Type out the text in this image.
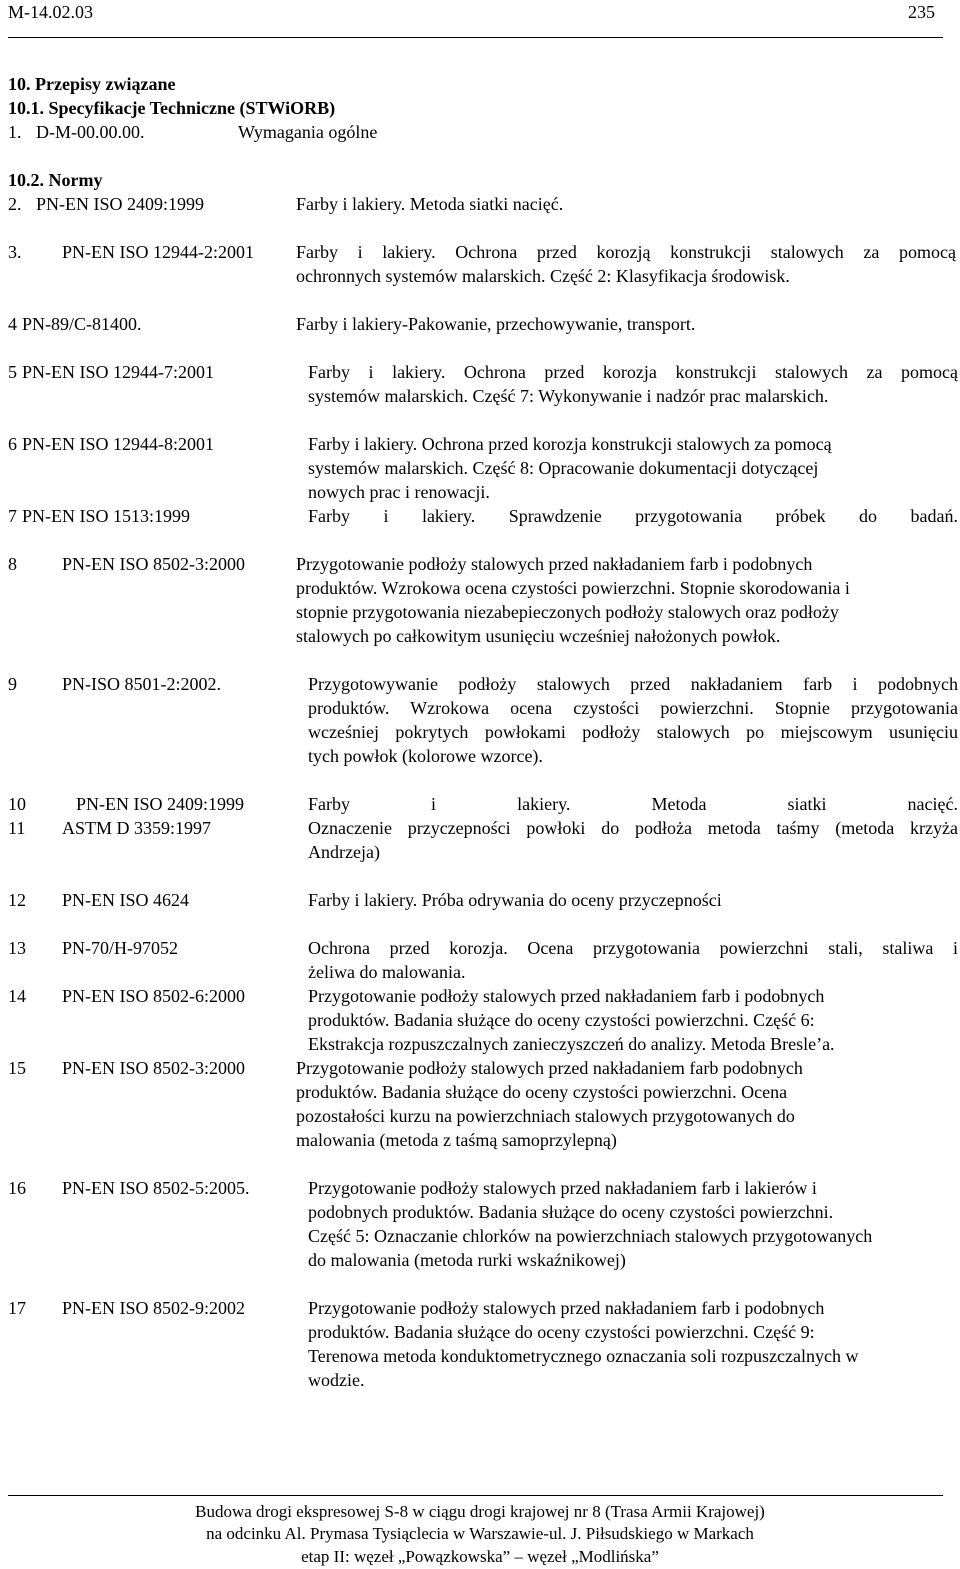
M-14.02.03	235
10. Przepisy związane
10.1. Specyfikacje Techniczne (STWiORB)
1. D-M-00.00.00.	Wymagania ogólne
10.2. Normy
2. PN-EN ISO 2409:1999	Farby i lakiery. Metoda siatki nacięć.
3. PN-EN ISO 12944-2:2001 Farby i lakiery. Ochrona przed korozją konstrukcji stalowych za pomocą
ochronnych systemów malarskich. Część 2: Klasyfikacja środowisk.
4 PN-89/C-81400.	Farby i lakiery-Pakowanie, przechowywanie, transport.
5 PN-EN ISO 12944-7:2001	Farby i lakiery. Ochrona przed korozja konstrukcji stalowych za pomocą
systemów malarskich. Część 7: Wykonywanie i nadzór prac malarskich.
6 PN-EN ISO 12944-8:2001	Farby i lakiery. Ochrona przed korozja konstrukcji stalowych za pomocą
systemów malarskich. Część 8: Opracowanie dokumentacji dotyczącej
nowych prac i renowacji.
7 PN-EN ISO 1513:1999	Farby i lakiery. Sprawdzenie przygotowania próbek do badań.
8	PN-EN ISO 8502-3:2000	Przygotowanie podłoży stalowych przed nakładaniem farb i podobnych
produktów. Wzrokowa ocena czystości powierzchni. Stopnie skorodowania i
stopnie przygotowania niezabepieczonych podłoży stalowych oraz podłoży
stalowych po całkowitym usunięciu wcześniej nałożonych powłok.
9	PN-ISO 8501-2:2002.	Przygotowywanie podłoży stalowych przed nakładaniem farb i podobnych
produktów. Wzrokowa ocena czystości powierzchni. Stopnie przygotowania
wcześniej pokrytych powłokami podłoży stalowych po miejscowym usunięciu
tych powłok (kolorowe wzorce).
10	PN-EN ISO 2409:1999	Farby i lakiery. Metoda siatki nacięć.
11 ASTM D 3359:1997	Oznaczenie przyczepności powłoki do podłoża metoda taśmy (metoda krzyża
Andrzeja)
12 PN-EN ISO 4624	Farby i lakiery. Próba odrywania do oceny przyczepności
13 PN-70/H-97052	Ochrona przed korozja. Ocena przygotowania powierzchni stali, staliwa i
żeliwa do malowania.
14 PN-EN ISO 8502-6:2000	Przygotowanie podłoży stalowych przed nakładaniem farb i podobnych
produktów. Badania służące do oceny czystości powierzchni. Część 6:
Ekstrakcja rozpuszczalnych zanieczyszczeń do analizy. Metoda Bresle’a.
15 PN-EN ISO 8502-3:2000	Przygotowanie podłoży stalowych przed nakładaniem farb podobnych
produktów. Badania służące do oceny czystości powierzchni. Ocena
pozostałości kurzu na powierzchniach stalowych przygotowanych do
malowania (metoda z taśmą samoprzylepną)
16 PN-EN ISO 8502-5:2005.	Przygotowanie podłoży stalowych przed nakładaniem farb i lakierów i
podobnych produktów. Badania służące do oceny czystości powierzchni.
Część 5: Oznaczanie chlorków na powierzchniach stalowych przygotowanych
do malowania (metoda rurki wskaźnikowej)
17 PN-EN ISO 8502-9:2002	Przygotowanie podłoży stalowych przed nakładaniem farb i podobnych
produktów. Badania służące do oceny czystości powierzchni. Część 9:
Terenowa metoda konduktometrycznego oznaczania soli rozpuszczalnych w
wodzie.
Budowa drogi ekspresowej S-8 w ciągu drogi krajowej nr 8 (Trasa Armii Krajowej)
na odcinku Al. Prymasa Tysiąclecia w Warszawie-ul. J. Piłsudskiego w Markach
etap II: węzeł „Powązkowska” – węzeł „Modlińska”
